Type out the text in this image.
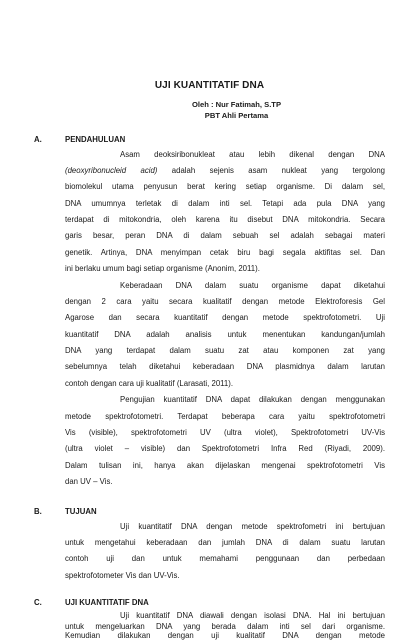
UJI KUANTITATIF DNA
Oleh : Nur Fatimah, S.TP
PBT Ahli Pertama
A.	PENDAHULUAN
Asam deoksiribonukleat atau lebih dikenal dengan DNA
(deoxyribonucleid acid) adalah sejenis asam nukleat yang tergolong
biomolekul utama penyusun berat kering setiap organisme. Di dalam sel,
DNA umumnya terletak di dalam inti sel. Tetapi ada pula DNA yang
terdapat di mitokondria, oleh karena itu disebut DNA mitokondria. Secara
garis besar, peran DNA di dalam sebuah sel adalah sebagai materi
genetik. Artinya, DNA menyimpan cetak biru bagi segala aktifitas sel. Dan
ini berlaku umum bagi setiap organisme (Anonim, 2011).
Keberadaan DNA dalam suatu organisme dapat diketahui
dengan 2 cara yaitu secara kualitatif dengan metode Elektroforesis Gel
Agarose dan secara kuantitatif dengan metode spektrofotometri. Uji
kuantitatif DNA adalah analisis untuk menentukan kandungan/jumlah
DNA yang terdapat dalam suatu zat atau komponen zat yang
sebelumnya telah diketahui keberadaan DNA plasmidnya dalam larutan
contoh dengan cara uji kualitatif (Larasati, 2011).
Pengujian kuantitatif DNA dapat dilakukan dengan menggunakan
metode spektrofotometri. Terdapat beberapa cara yaitu spektrofotometri
Vis (visible), spektrofotometri UV (ultra violet), Spektrofotometri UV-Vis
(ultra violet – visible) dan Spektrofotometri Infra Red (Riyadi, 2009).
Dalam tulisan ini, hanya akan dijelaskan mengenai spektrofotometri Vis
dan UV – Vis.
B.	TUJUAN
Uji kuantitatif DNA dengan metode spektrofometri ini bertujuan
untuk mengetahui keberadaan dan jumlah DNA di dalam suatu larutan
contoh uji dan untuk memahami penggunaan dan perbedaan
spektrofotometer Vis dan UV-Vis.
C.	UJI KUANTITATIF DNA
Uji kuantitatif DNA diawali dengan isolasi DNA. Hal ini bertujuan
untuk mengeluarkan DNA yang berada dalam inti sel dari organisme.
Kemudian dilakukan dengan uji kualitatif DNA dengan metode
